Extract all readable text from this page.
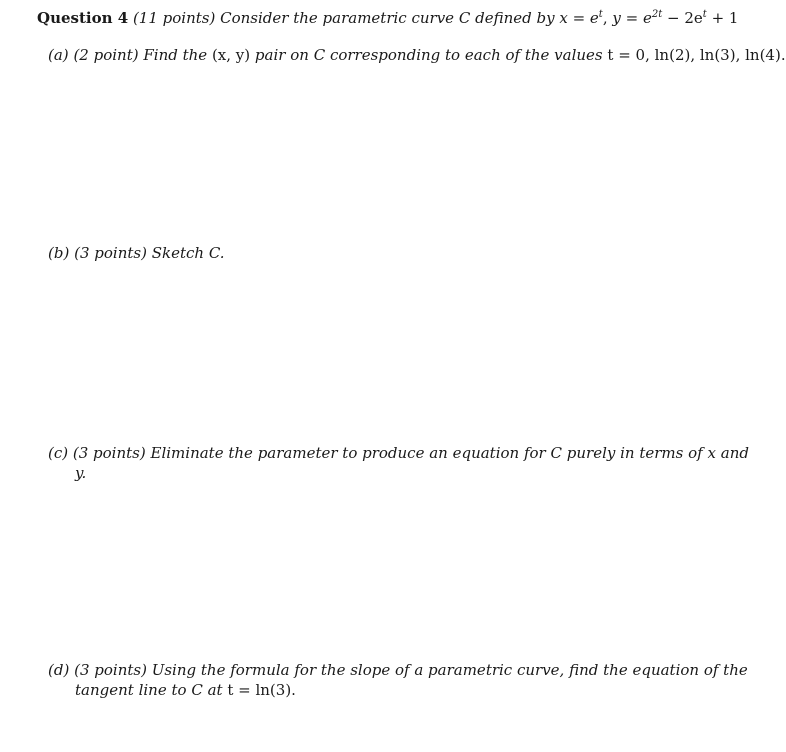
Question 4 (11 points) Consider the parametric curve C defined by $x = e^t$, $y = e^{2t} - 2e^t + 1$
(a) (2 point) Find the (x, y) pair on C corresponding to each of the values t = 0, ln(2), ln(3), ln(4).
(b) (3 points) Sketch C.
(c) (3 points) Eliminate the parameter to produce an equation for C purely in terms of x and
y.
(d) (3 points) Using the formula for the slope of a parametric curve, find the equation of the
tangent line to C at t = ln(3).
